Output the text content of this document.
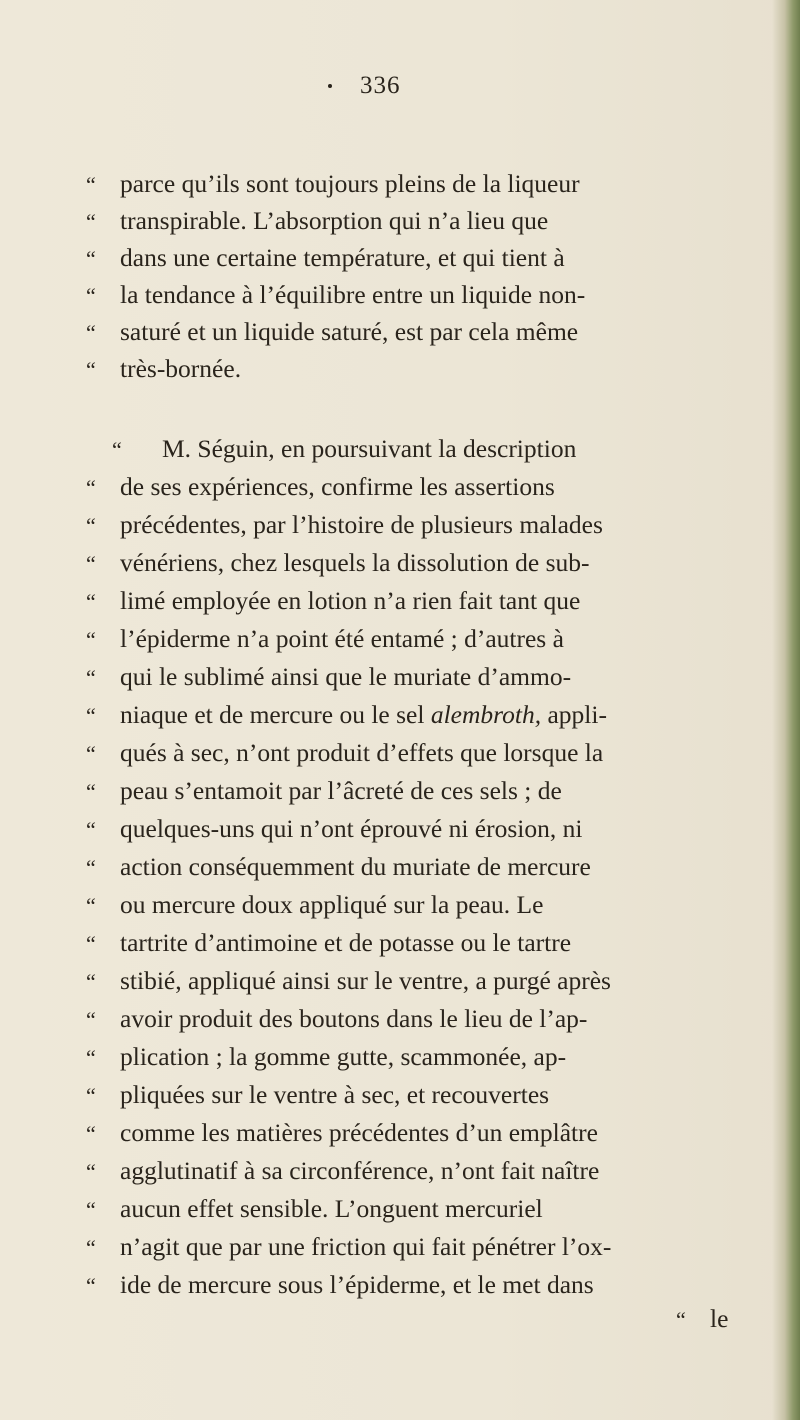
336
“ parce qu’ils sont toujours pleins de la liqueur
“ transpirable. L’absorption qui n’a lieu que
“ dans une certaine température, et qui tient à
“ la tendance à l’équilibre entre un liquide non-
“ saturé et un liquide saturé, est par cela même
“ très-bornée.
“ M. Séguin, en poursuivant la description
“ de ses expériences, confirme les assertions
“ précédentes, par l’histoire de plusieurs malades
“ vénériens, chez lesquels la dissolution de sub-
“ limé employée en lotion n’a rien fait tant que
“ l’épiderme n’a point été entamé ; d’autres à
“ qui le sublimé ainsi que le muriate d’ammo-
“ niaque et de mercure ou le sel alembroth, appli-
“ qués à sec, n’ont produit d’effets que lorsque la
“ peau s’entamoit par l’âcreté de ces sels ; de
“ quelques-uns qui n’ont éprouvé ni érosion, ni
“ action conséquemment du muriate de mercure
“ ou mercure doux appliqué sur la peau. Le
“ tartrite d’antimoine et de potasse ou le tartre
“ stibié, appliqué ainsi sur le ventre, a purgé après
“ avoir produit des boutons dans le lieu de l’ap-
“ plication ; la gomme gutte, scammonée, ap-
“ pliquées sur le ventre à sec, et recouvertes
“ comme les matières précédentes d’un emplâtre
“ agglutinatif à sa circonférence, n’ont fait naître
“ aucun effet sensible. L’onguent mercuriel
“ n’agit que par une friction qui fait pénétrer l’ox-
“ ide de mercure sous l’épiderme, et le met dans
“ le
